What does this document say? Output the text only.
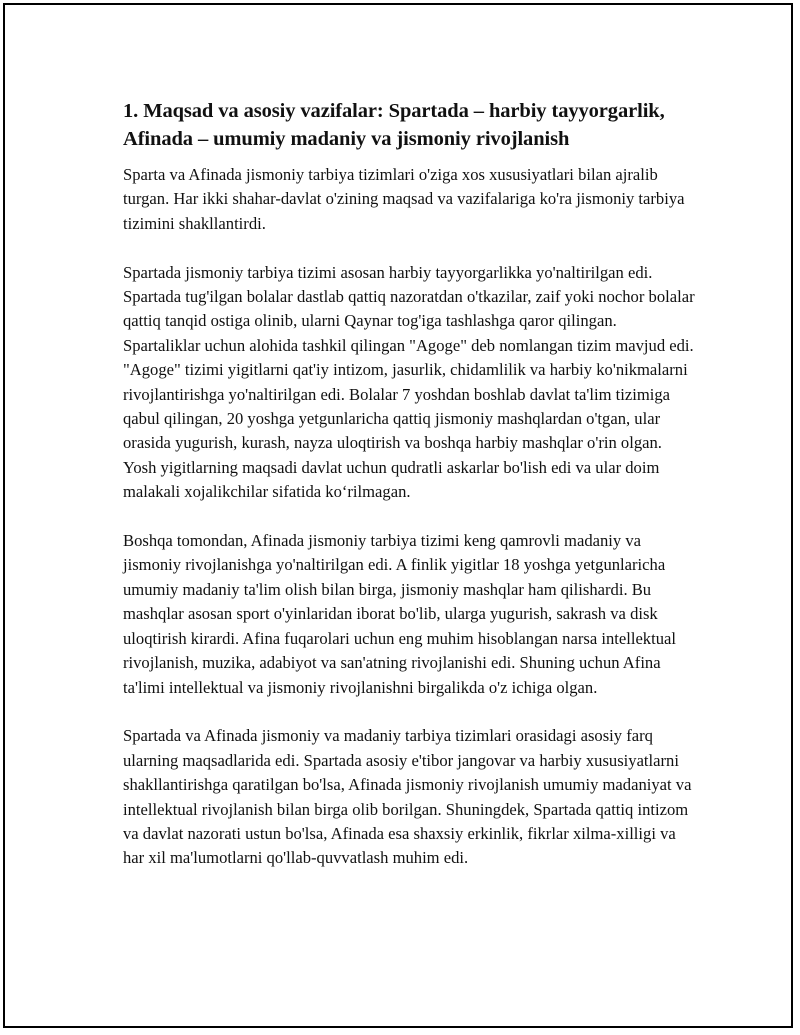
1. Maqsad va asosiy vazifalar: Spartada – harbiy tayyorgarlik, Afinada – umumiy madaniy va jismoniy rivojlanish

Sparta va Afinada jismoniy tarbiya tizimlari o'ziga xos xususiyatlari bilan ajralib turgan. Har ikki shahar-davlat o'zining maqsad va vazifalariga ko'ra jismoniy tarbiya tizimini shakllantirdi.

Spartada jismoniy tarbiya tizimi asosan harbiy tayyorgarlikka yo'naltirilgan edi. Spartada tug'ilgan bolalar dastlab qattiq nazoratdan o'tkazilar, zaif yoki nochor bolalar qattiq tanqid ostiga olinib, ularni Qaynar tog'iga tashlashga qaror qilingan. Spartaliklar uchun alohida tashkil qilingan "Agoge" deb nomlangan tizim mavjud edi. "Agoge" tizimi yigitlarni qat'iy intizom, jasurlik, chidamlilik va harbiy ko'nikmalarni rivojlantirishga yo'naltirilgan edi. Bolalar 7 yoshdan boshlab davlat ta'lim tizimiga qabul qilingan, 20 yoshga yetgunlaricha qattiq jismoniy mashqlardan o'tgan, ular orasida yugurish, kurash, nayza uloqtirish va boshqa harbiy mashqlar o'rin olgan. Yosh yigitlarning maqsadi davlat uchun qudratli askarlar bo'lish edi va ular doim malakali xojalikchilar sifatida ko‘rilmagan.

Boshqa tomondan, Afinada jismoniy tarbiya tizimi keng qamrovli madaniy va jismoniy rivojlanishga yo'naltirilgan edi. A finlik yigitlar 18 yoshga yetgunlaricha umumiy madaniy ta'lim olish bilan birga, jismoniy mashqlar ham qilishardi. Bu mashqlar asosan sport o'yinlaridan iborat bo'lib, ularga yugurish, sakrash va disk uloqtirish kirardi. Afina fuqarolari uchun eng muhim hisoblangan narsa intellektual rivojlanish, muzika, adabiyot va san'atning rivojlanishi edi. Shuning uchun Afina ta'limi intellektual va jismoniy rivojlanishni birgalikda o'z ichiga olgan.

Spartada va Afinada jismoniy va madaniy tarbiya tizimlari orasidagi asosiy farq ularning maqsadlarida edi. Spartada asosiy e'tibor jangovar va harbiy xususiyatlarni shakllantirishga qaratilgan bo'lsa, Afinada jismoniy rivojlanish umumiy madaniyat va intellektual rivojlanish bilan birga olib borilgan. Shuningdek, Spartada qattiq intizom va davlat nazorati ustun bo'lsa, Afinada esa shaxsiy erkinlik, fikrlar xilma-xilligi va har xil ma'lumotlarni qo'llab-quvvatlash muhim edi.
